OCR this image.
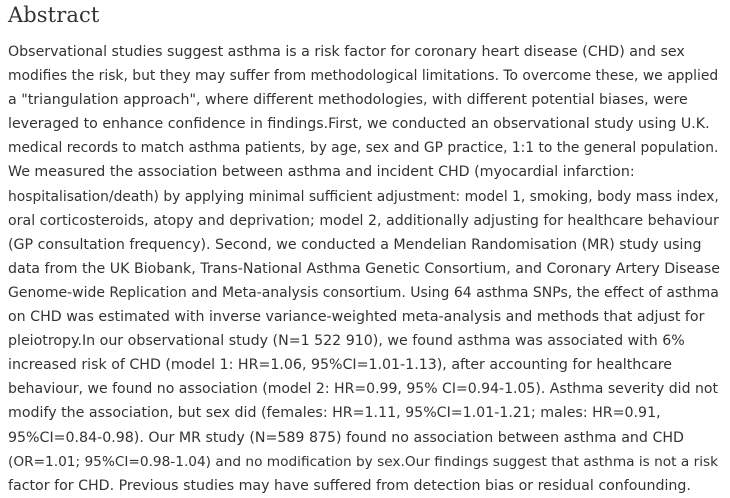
Abstract

Observational studies suggest asthma is a risk factor for coronary heart disease (CHD) and sex
modifies the risk, but they may suffer from methodological limitations. To overcome these, we applied
a "triangulation approach", where different methodologies, with different potential biases, were
leveraged to enhance confidence in findings.First, we conducted an observational study using U.K.
medical records to match asthma patients, by age, sex and GP practice, 1:1 to the general population.
We measured the association between asthma and incident CHD (myocardial infarction:
hospitalisation/death) by applying minimal sufficient adjustment: model 1, smoking, body mass index,
oral corticosteroids, atopy and deprivation; model 2, additionally adjusting for healthcare behaviour
(GP consultation frequency). Second, we conducted a Mendelian Randomisation (MR) study using
data from the UK Biobank, Trans-National Asthma Genetic Consortium, and Coronary Artery Disease
Genome-wide Replication and Meta-analysis consortium. Using 64 asthma SNPs, the effect of asthma
on CHD was estimated with inverse variance-weighted meta-analysis and methods that adjust for
pleiotropy.In our observational study (N=1 522 910), we found asthma was associated with 6%
increased risk of CHD (model 1: HR=1.06, 95%CI=1.01-1.13), after accounting for healthcare
behaviour, we found no association (model 2: HR=0.99, 95% CI=0.94-1.05). Asthma severity did not
modify the association, but sex did (females: HR=1.11, 95%CI=1.01-1.21; males: HR=0.91,
95%CI=0.84-0.98). Our MR study (N=589 875) found no association between asthma and CHD
(OR=1.01; 95%CI=0.98-1.04) and no modification by sex.Our findings suggest that asthma is not a risk
factor for CHD. Previous studies may have suffered from detection bias or residual confounding.
